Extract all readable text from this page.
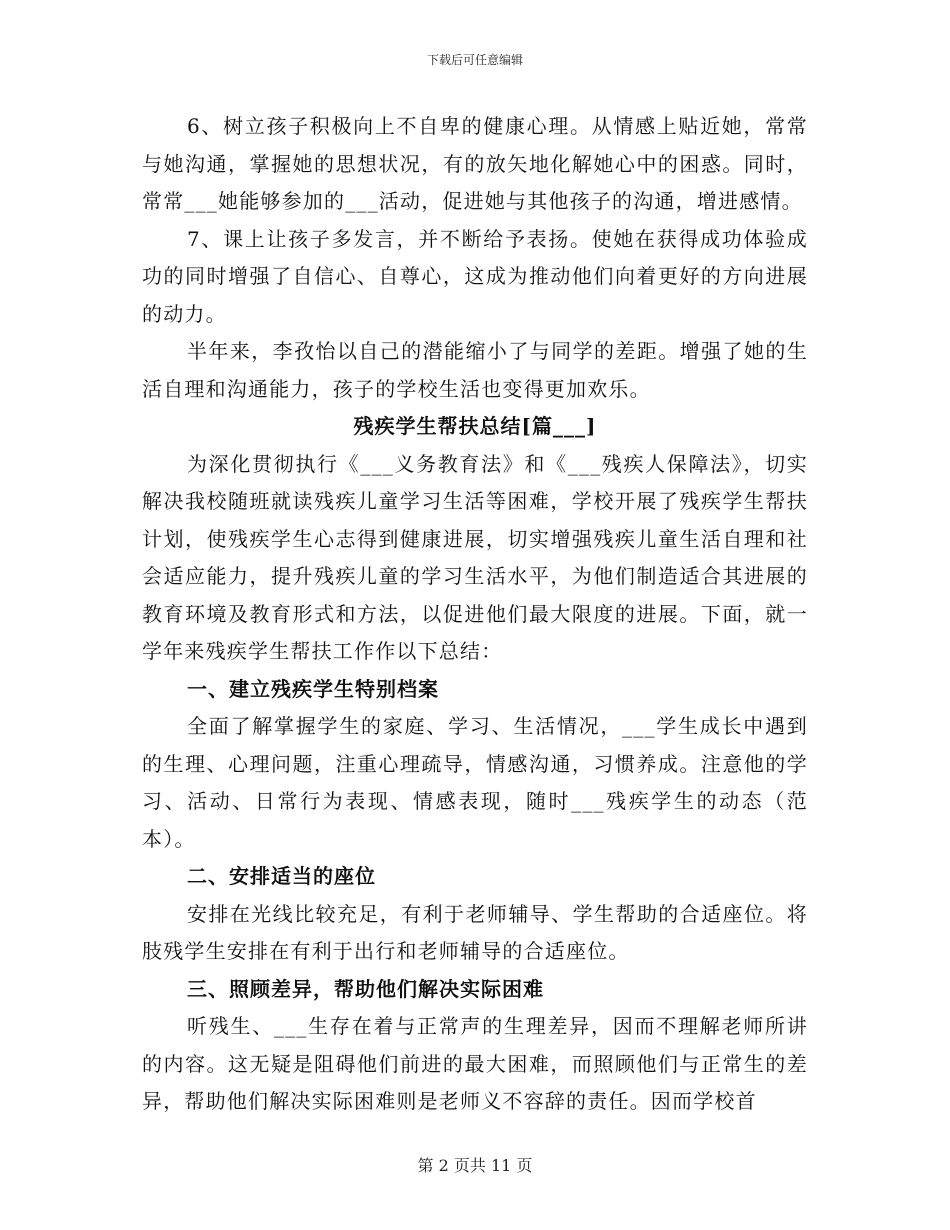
下载后可任意编辑

6、树立孩子积极向上不自卑的健康心理。从情感上贴近她，常常与她沟通，掌握她的思想状况，有的放矢地化解她心中的困惑。同时，常常___她能够参加的___活动，促进她与其他孩子的沟通，增进感情。

7、课上让孩子多发言，并不断给予表扬。使她在获得成功体验成功的同时增强了自信心、自尊心，这成为推动他们向着更好的方向进展的动力。

半年来，李孜怡以自己的潜能缩小了与同学的差距。增强了她的生活自理和沟通能力，孩子的学校生活也变得更加欢乐。

残疾学生帮扶总结[篇___]

为深化贯彻执行《___义务教育法》和《___残疾人保障法》，切实解决我校随班就读残疾儿童学习生活等困难，学校开展了残疾学生帮扶计划，使残疾学生心志得到健康进展，切实增强残疾儿童生活自理和社会适应能力，提升残疾儿童的学习生活水平，为他们制造适合其进展的教育环境及教育形式和方法，以促进他们最大限度的进展。下面，就一学年来残疾学生帮扶工作作以下总结：

一、建立残疾学生特别档案

全面了解掌握学生的家庭、学习、生活情况，___学生成长中遇到的生理、心理问题，注重心理疏导，情感沟通，习惯养成。注意他的学习、活动、日常行为表现、情感表现，随时___残疾学生的动态（范本）。

二、安排适当的座位

安排在光线比较充足，有利于老师辅导、学生帮助的合适座位。将肢残学生安排在有利于出行和老师辅导的合适座位。

三、照顾差异，帮助他们解决实际困难

听残生、___生存在着与正常声的生理差异，因而不理解老师所讲的内容。这无疑是阻碍他们前进的最大困难，而照顾他们与正常生的差异，帮助他们解决实际困难则是老师义不容辞的责任。因而学校首

第 2 页共 11 页
